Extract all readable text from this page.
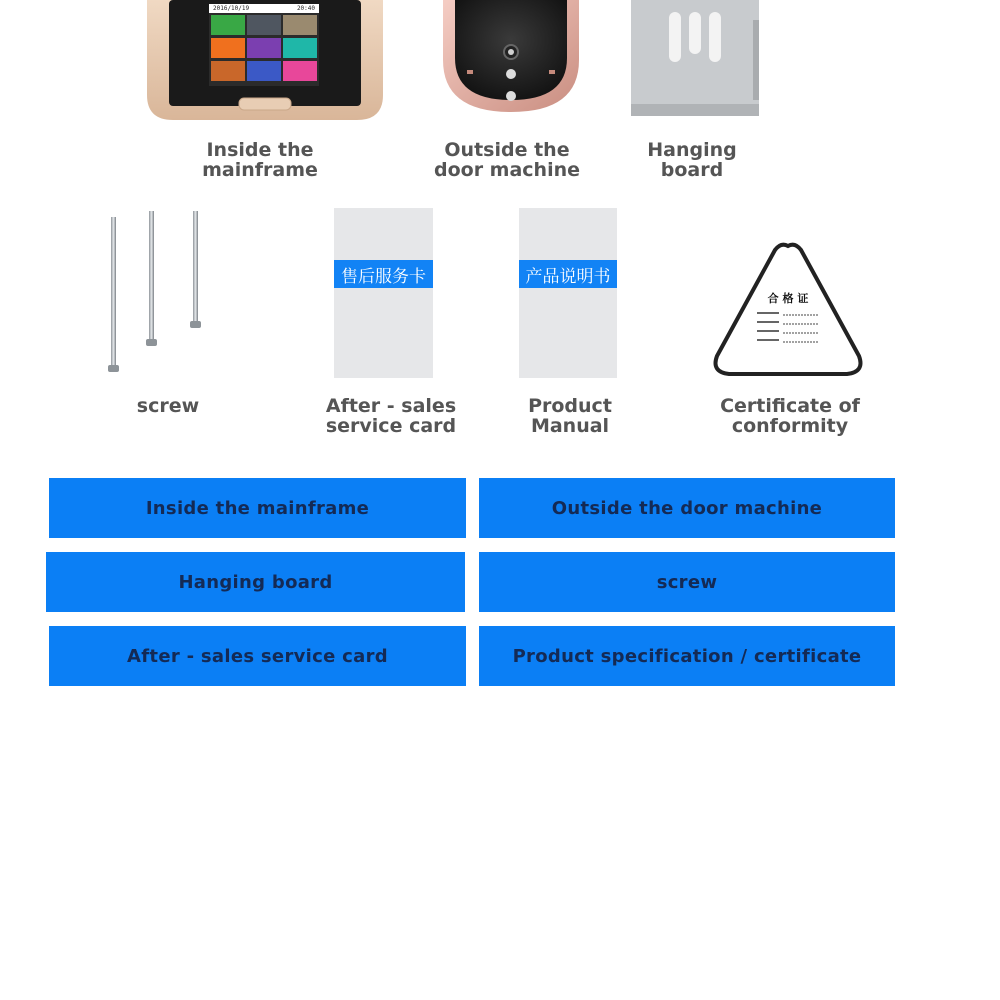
2016/10/19	20:40
Inside the
mainframe
Outside the
door machine
Hanging
board
screw
售后服务卡
After - sales
service card
产品说明书
Product
Manual
合 格 证
Certificate of
conformity
Inside the mainframe	Outside the door machine
Hanging board	screw
After - sales service card	Product specification / certificate
